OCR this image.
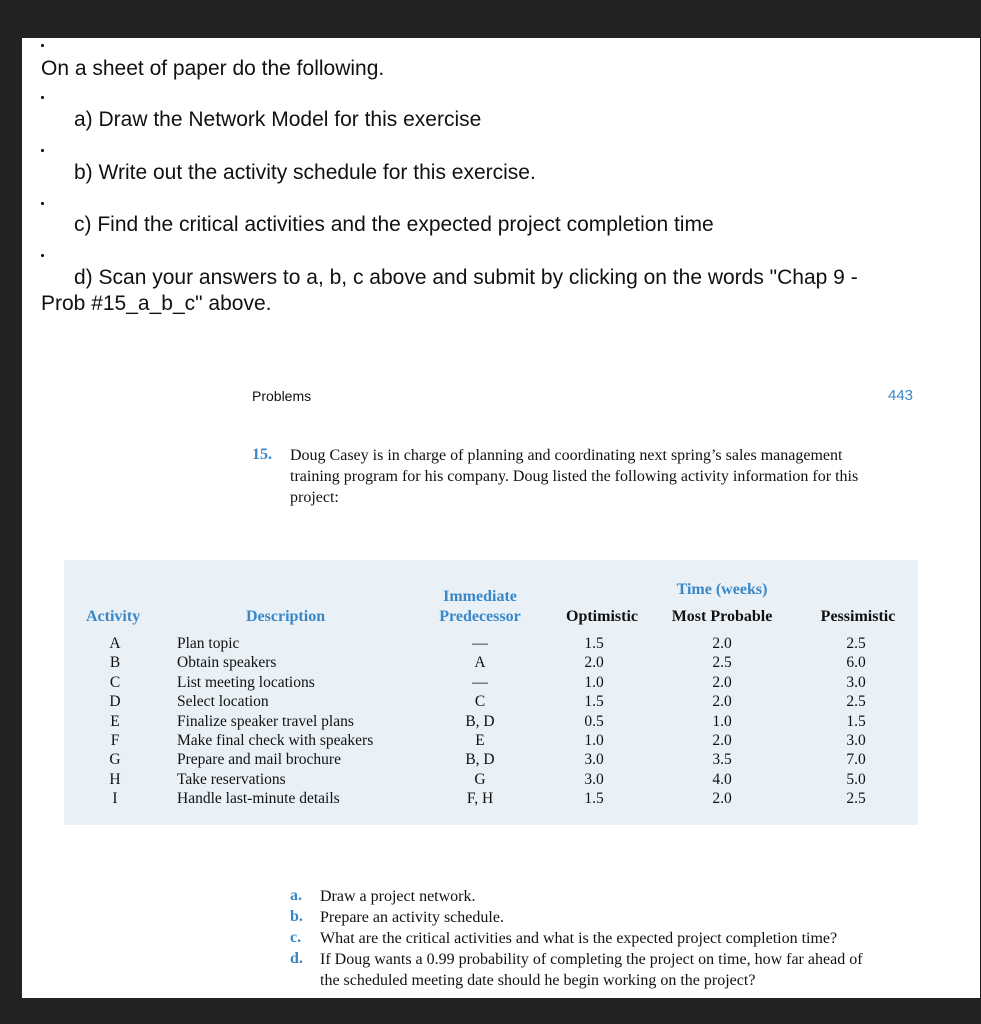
On a sheet of paper do the following.
a) Draw the Network Model for this exercise
b) Write out the activity schedule for this exercise.
c) Find the critical activities and the expected project completion time
d) Scan your answers to a, b, c above and submit by clicking on the words "Chap 9 -
Prob #15_a_b_c" above.
Problems	443
15. Doug Casey is in charge of planning and coordinating next spring’s sales management
training program for his company. Doug listed the following activity information for this
project:
Activity	Description
Immediate
Predecessor
Time (weeks)
Optimistic	Most Probable	Pessimistic
A	Plan topic	—	1.5	2.0	2.5
B	Obtain speakers	A	2.0	2.5	6.0
C	List meeting locations	—	1.0	2.0	3.0
D	Select location	C	1.5	2.0	2.5
E	Finalize speaker travel plans	B, D	0.5	1.0	1.5
F	Make final check with speakers	E	1.0	2.0	3.0
G	Prepare and mail brochure	B, D	3.0	3.5	7.0
H	Take reservations	G	3.0	4.0	5.0
I	Handle last-minute details	F, H	1.5	2.0	2.5
a. Draw a project network.
b. Prepare an activity schedule.
c. What are the critical activities and what is the expected project completion time?
d. If Doug wants a 0.99 probability of completing the project on time, how far ahead of
the scheduled meeting date should he begin working on the project?
